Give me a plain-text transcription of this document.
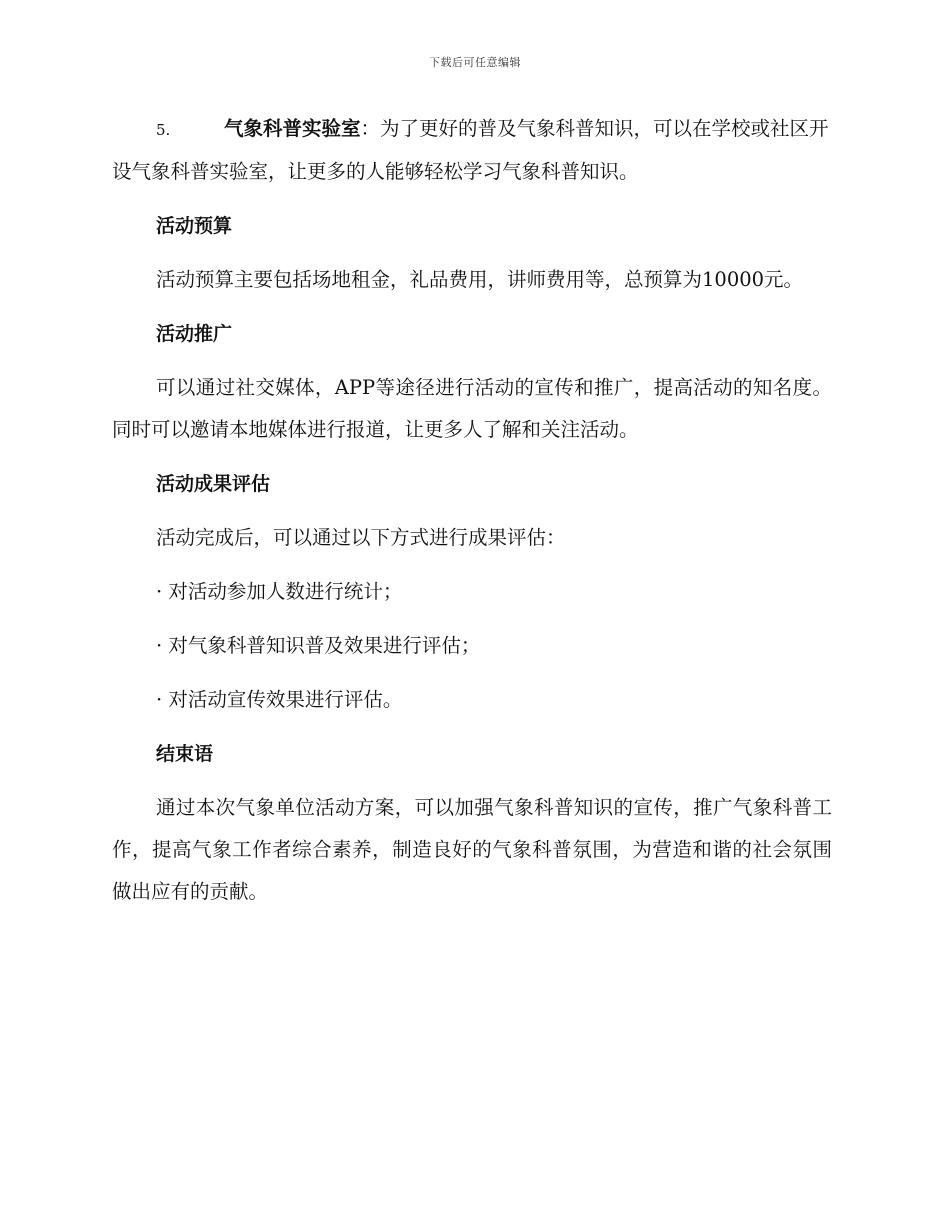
下载后可任意编辑

5.	气象科普实验室：为了更好的普及气象科普知识，可以在学校或社区开设气象科普实验室，让更多的人能够轻松学习气象科普知识。

活动预算

活动预算主要包括场地租金，礼品费用，讲师费用等，总预算为10000元。

活动推广

可以通过社交媒体，APP等途径进行活动的宣传和推广，提高活动的知名度。同时可以邀请本地媒体进行报道，让更多人了解和关注活动。

活动成果评估

活动完成后，可以通过以下方式进行成果评估：

· 对活动参加人数进行统计；
· 对气象科普知识普及效果进行评估；
· 对活动宣传效果进行评估。
结束语

通过本次气象单位活动方案，可以加强气象科普知识的宣传，推广气象科普工作，提高气象工作者综合素养，制造良好的气象科普氛围，为营造和谐的社会氛围做出应有的贡献。
